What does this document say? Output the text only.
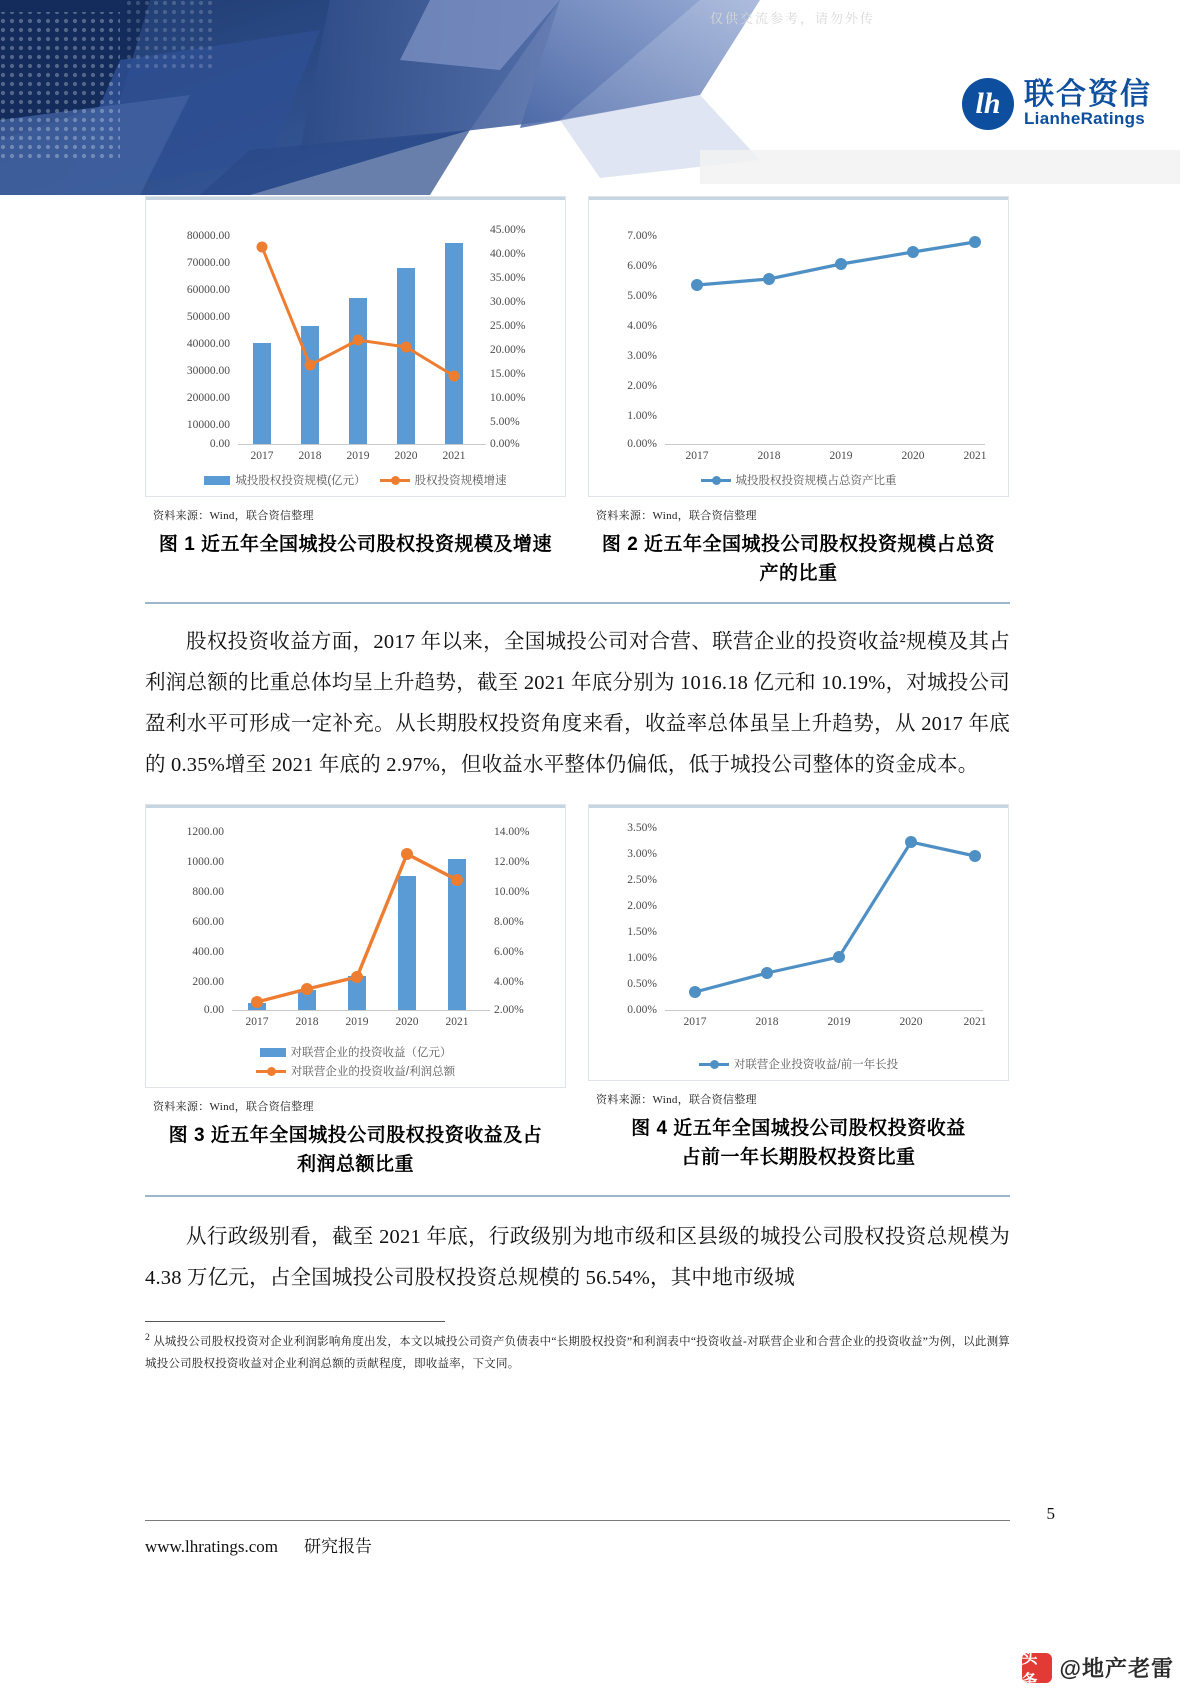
仅供交流参考，请勿外传
lh 联合资信
LianheRatings
80000.00
70000.00
60000.00
50000.00
40000.00
30000.00
20000.00
10000.00
0.00
45.00%
40.00%
35.00%
30.00%
25.00%
20.00%
15.00%
10.00%
5.00%
0.00%
2017	2018	2019	2020	2021
城投股权投资规模(亿元）	股权投资规模增速
资料来源：Wind，联合资信整理
图 1 近五年全国城投公司股权投资规模及增速
7.00%
6.00%
5.00%
4.00%
3.00%
2.00%
1.00%
0.00%
2017	2018	2019	2020	2021
城投股权投资规模占总资产比重
资料来源：Wind，联合资信整理
图 2 近五年全国城投公司股权投资规模占总资
产的比重

股权投资收益方面，2017 年以来，全国城投公司对合营、联营企业的投资收益²规模及其占利润总额的比重总体均呈上升趋势，截至 2021 年底分别为 1016.18 亿元和 10.19%，对城投公司盈利水平可形成一定补充。从长期股权投资角度来看，收益率总体虽呈上升趋势，从 2017 年底的 0.35%增至 2021 年底的 2.97%，但收益水平整体仍偏低，低于城投公司整体的资金成本。

1200.00
1000.00
800.00
600.00
400.00
200.00
0.00
14.00%
12.00%
10.00%
8.00%
6.00%
4.00%
2.00%
2017	2018	2019	2020	2021
对联营企业的投资收益（亿元）
对联营企业的投资收益/利润总额
资料来源：Wind，联合资信整理
图 3 近五年全国城投公司股权投资收益及占
利润总额比重
3.50%
3.00%
2.50%
2.00%
1.50%
1.00%
0.50%
0.00%
2017	2018	2019	2020	2021
对联营企业投资收益/前一年长投
资料来源：Wind，联合资信整理
图 4 近五年全国城投公司股权投资收益
占前一年长期股权投资比重

从行政级别看，截至 2021 年底，行政级别为地市级和区县级的城投公司股权投资总规模为 4.38 万亿元，占全国城投公司股权投资总规模的 56.54%，其中地市级城

$^2$ 从城投公司股权投资对企业利润影响角度出发，本文以城投公司资产负债表中“长期股权投资”和利润表中“投资收益-对联营企业和合营企业的投资收益”为例，以此测算城投公司股权投资收益对企业利润总额的贡献程度，即收益率，下文同。
5
www.lhratings.com 研究报告
头条 @地产老雷
